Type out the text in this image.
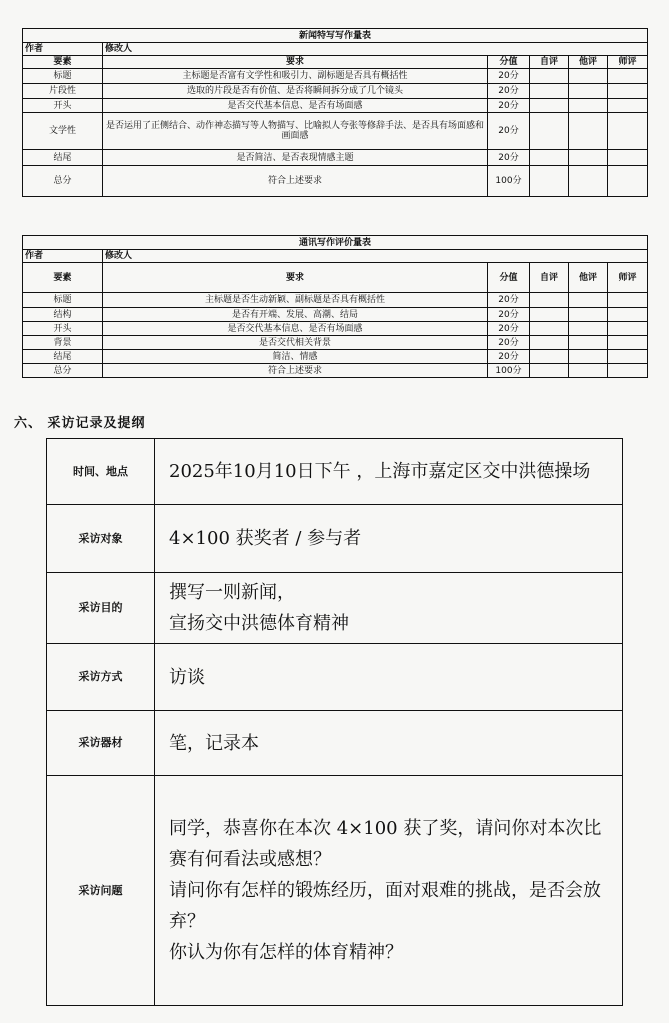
新闻特写写作量表					
作者	修改人				
要素	要求	分值	自评	他评	师评
标题	主标题是否富有文学性和吸引力、副标题是否具有概括性	20分			
片段性	选取的片段是否有价值、是否将瞬间拆分成了几个镜头	20分			
开头	是否交代基本信息、是否有场面感	20分			
文学性	是否运用了正侧结合、动作神态描写等人物描写、比喻拟人夸张等修辞手法、是否具有场面感和画面感	20分			
结尾	是否简洁、是否表现情感主题	20分			
总分	符合上述要求	100分			
通讯写作评价量表					
作者	修改人				
要素	要求	分值	自评	他评	师评
标题	主标题是否生动新颖、副标题是否具有概括性	20分			
结构	是否有开端、发展、高潮、结局	20分			
开头	是否交代基本信息、是否有场面感	20分			
背景	是否交代相关背景	20分			
结尾	简洁、情感	20分			
总分	符合上述要求	100分			
六、 采访记录及提纲
时间、地点	2025年10月10日下午 ，上海市嘉定区交中洪德操场
采访对象	4×100 获奖者 / 参与者
采访目的	撰写一则新闻，
宣扬交中洪德体育精神

采访方式	访谈
采访器材	笔，记录本
采访问题	同学，恭喜你在本次 4×100 获了奖，请问你对本次比赛有何看法或感想？
请问你有怎样的锻炼经历，面对艰难的挑战，是否会放弃？
你认为你有怎样的体育精神？
